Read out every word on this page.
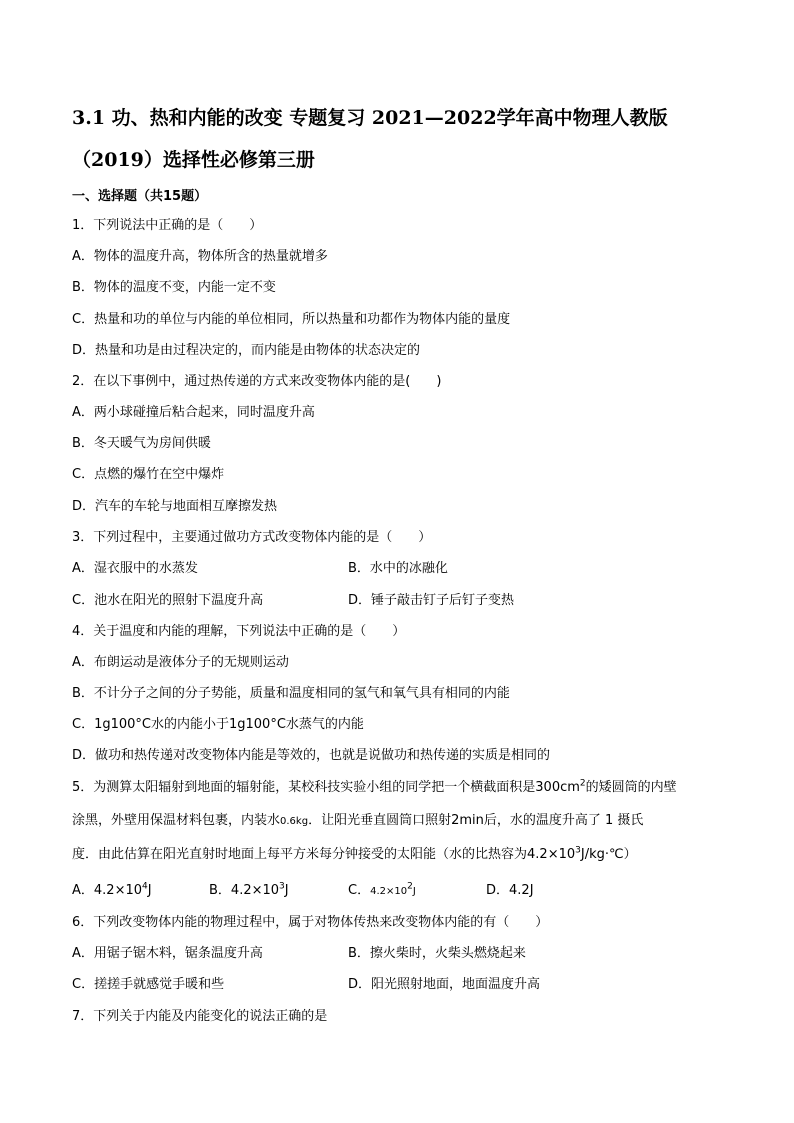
3.1 功、热和内能的改变 专题复习 2021—2022学年高中物理人教版
（2019）选择性必修第三册
一、选择题（共15题）
1．下列说法中正确的是（　　）
A．物体的温度升高，物体所含的热量就增多
B．物体的温度不变，内能一定不变
C．热量和功的单位与内能的单位相同，所以热量和功都作为物体内能的量度
D．热量和功是由过程决定的，而内能是由物体的状态决定的
2．在以下事例中，通过热传递的方式来改变物体内能的是(　　)
A．两小球碰撞后粘合起来，同时温度升高
B．冬天暖气为房间供暖
C．点燃的爆竹在空中爆炸
D．汽车的车轮与地面相互摩擦发热
3．下列过程中，主要通过做功方式改变物体内能的是（　　）
A．湿衣服中的水蒸发	B．水中的冰融化
C．池水在阳光的照射下温度升高	D．锤子敲击钉子后钉子变热
4．关于温度和内能的理解，下列说法中正确的是（　　）
A．布朗运动是液体分子的无规则运动
B．不计分子之间的分子势能，质量和温度相同的氢气和氧气具有相同的内能
C．1g100°C水的内能小于1g100°C水蒸气的内能
D．做功和热传递对改变物体内能是等效的，也就是说做功和热传递的实质是相同的
5．为测算太阳辐射到地面的辐射能，某校科技实验小组的同学把一个横截面积是$300cm^2$的矮圆筒的内壁
涂黑，外壁用保温材料包裹，内装水0.6kg．让阳光垂直圆筒口照射2min后，水的温度升高了 1 摄氏
度．由此估算在阳光直射时地面上每平方米每分钟接受的太阳能（水的比热容为$4.2\times 10^3J/kg\cdot℃$）
A．$4.2\times 10^4J$	B．$4.2\times 10^3J$	C．$4.2\times 10^2J$	D．4.2J
6．下列改变物体内能的物理过程中，属于对物体传热来改变物体内能的有（　　）
A．用锯子锯木料，锯条温度升高	B．擦火柴时，火柴头燃烧起来
C．搓搓手就感觉手暖和些	D．阳光照射地面，地面温度升高
7．下列关于内能及内能变化的说法正确的是
